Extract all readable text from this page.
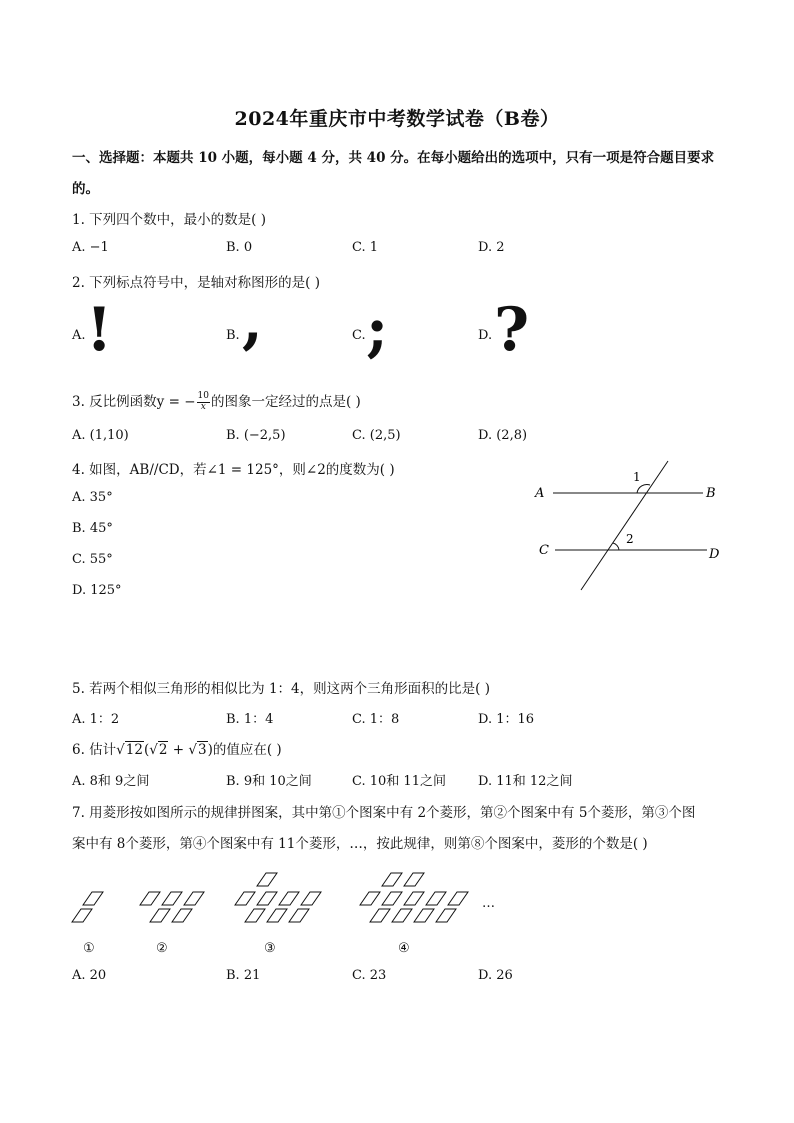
2024年重庆市中考数学试卷（B卷）
一、选择题：本题共 10 小题，每小题 4 分，共 40 分。在每小题给出的选项中，只有一项是符合题目要求
的。
1. 下列四个数中，最小的数是( )
A. −1	B. 0	C. 1	D. 2
2. 下列标点符号中，是轴对称图形的是( )
A. !	B. ,	C. ;	D. ?
3. 反比例函数y = − $\frac{10}{x}$ 的图象一定经过的点是( )
A. (1,10)	B. (−2,5)	C. (2,5)	D. (2,8)
4. 如图，AB//CD，若∠1 = 125°，则∠2的度数为( )
A. 35°
B. 45°
C. 55°
D. 125°
A	B
C	D
1
2
5. 若两个相似三角形的相似比为 1：4，则这两个三角形面积的比是( )
A. 1：2	B. 1：4	C. 1：8	D. 1：16
6. 估计√12(√2 + √3)的值应在( )
A. 8和 9之间	B. 9和 10之间	C. 10和 11之间 D. 11和 12之间
7. 用菱形按如图所示的规律拼图案，其中第①个图案中有 2个菱形，第②个图案中有 5个菱形，第③个图
案中有 8个菱形，第④个图案中有 11个菱形，…，按此规律，则第⑧个图案中，菱形的个数是( )
…
①	②	③	④
A. 20	B. 21	C. 23	D. 26
